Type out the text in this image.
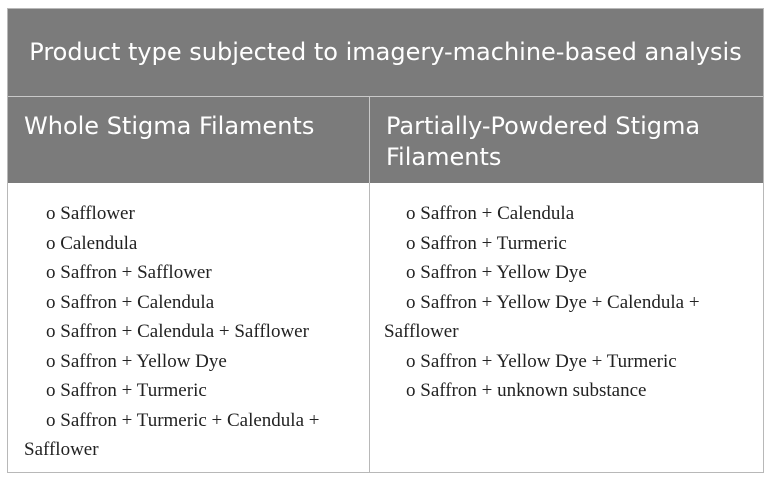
Product type subjected to imagery-machine-based analysis
Whole Stigma Filaments	Partially-Powdered Stigma Filaments

o Safflower

o Calendula

o Saffron + Safflower

o Saffron + Calendula

o Saffron + Calendula + Safflower

o Saffron + Yellow Dye

o Saffron + Turmeric

o Saffron + Turmeric + Calendula + Safflower

o Saffron + Calendula

o Saffron + Turmeric

o Saffron + Yellow Dye

o Saffron + Yellow Dye + Calendula + Safflower

o Saffron + Yellow Dye + Turmeric

o Saffron + unknown substance
